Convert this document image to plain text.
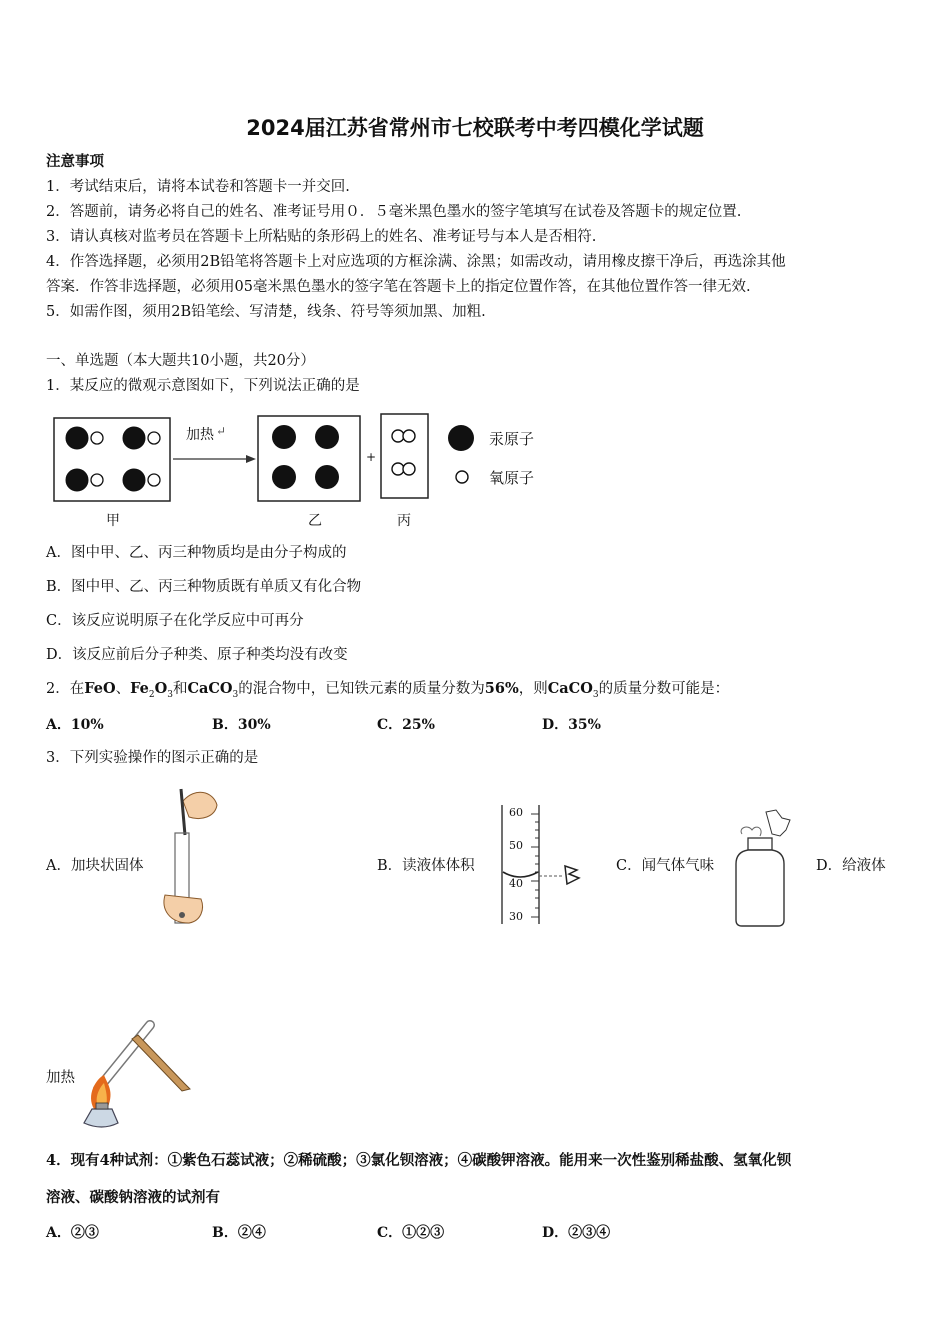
2024届江苏省常州市七校联考中考四模化学试题
注意事项
1．考试结束后，请将本试卷和答题卡一并交回.
2．答题前，请务必将自己的姓名、准考证号用０．５毫米黑色墨水的签字笔填写在试卷及答题卡的规定位置.
3．请认真核对监考员在答题卡上所粘贴的条形码上的姓名、准考证号与本人是否相符.
4．作答选择题，必须用2B铅笔将答题卡上对应选项的方框涂满、涂黑；如需改动，请用橡皮擦干净后，再选涂其他
答案．作答非选择题，必须用05毫米黑色墨水的签字笔在答题卡上的指定位置作答，在其他位置作答一律无效.
5．如需作图，须用2B铅笔绘、写清楚，线条、符号等须加黑、加粗.
一、单选题（本大题共10小题，共20分）
1．某反应的微观示意图如下，下列说法正确的是
加热 ↵
+
甲	乙	丙
汞原子
氧原子
A．图中甲、乙、丙三种物质均是由分子构成的
B．图中甲、乙、丙三种物质既有单质又有化合物
C．该反应说明原子在化学反应中可再分
D．该反应前后分子种类、原子种类均没有改变
2．在FeO、$Fe_2O_3$和CaCO$_3$的混合物中，已知铁元素的质量分数为56%，则CaCO$_3$的质量分数可能是：
A．10%	B．30%	C．25%	D．35%
3．下列实验操作的图示正确的是
A．加块状固体
60
50
40
30
B．读液体体积	C．闻气体气味	D．给液体
加热
4．现有4种试剂：①紫色石蕊试液；②稀硫酸；③氯化钡溶液；④碳酸钾溶液。能用来一次性鉴别稀盐酸、氢氧化钡
溶液、碳酸钠溶液的试剂有
A．②③	B．②④	C．①②③	D．②③④
